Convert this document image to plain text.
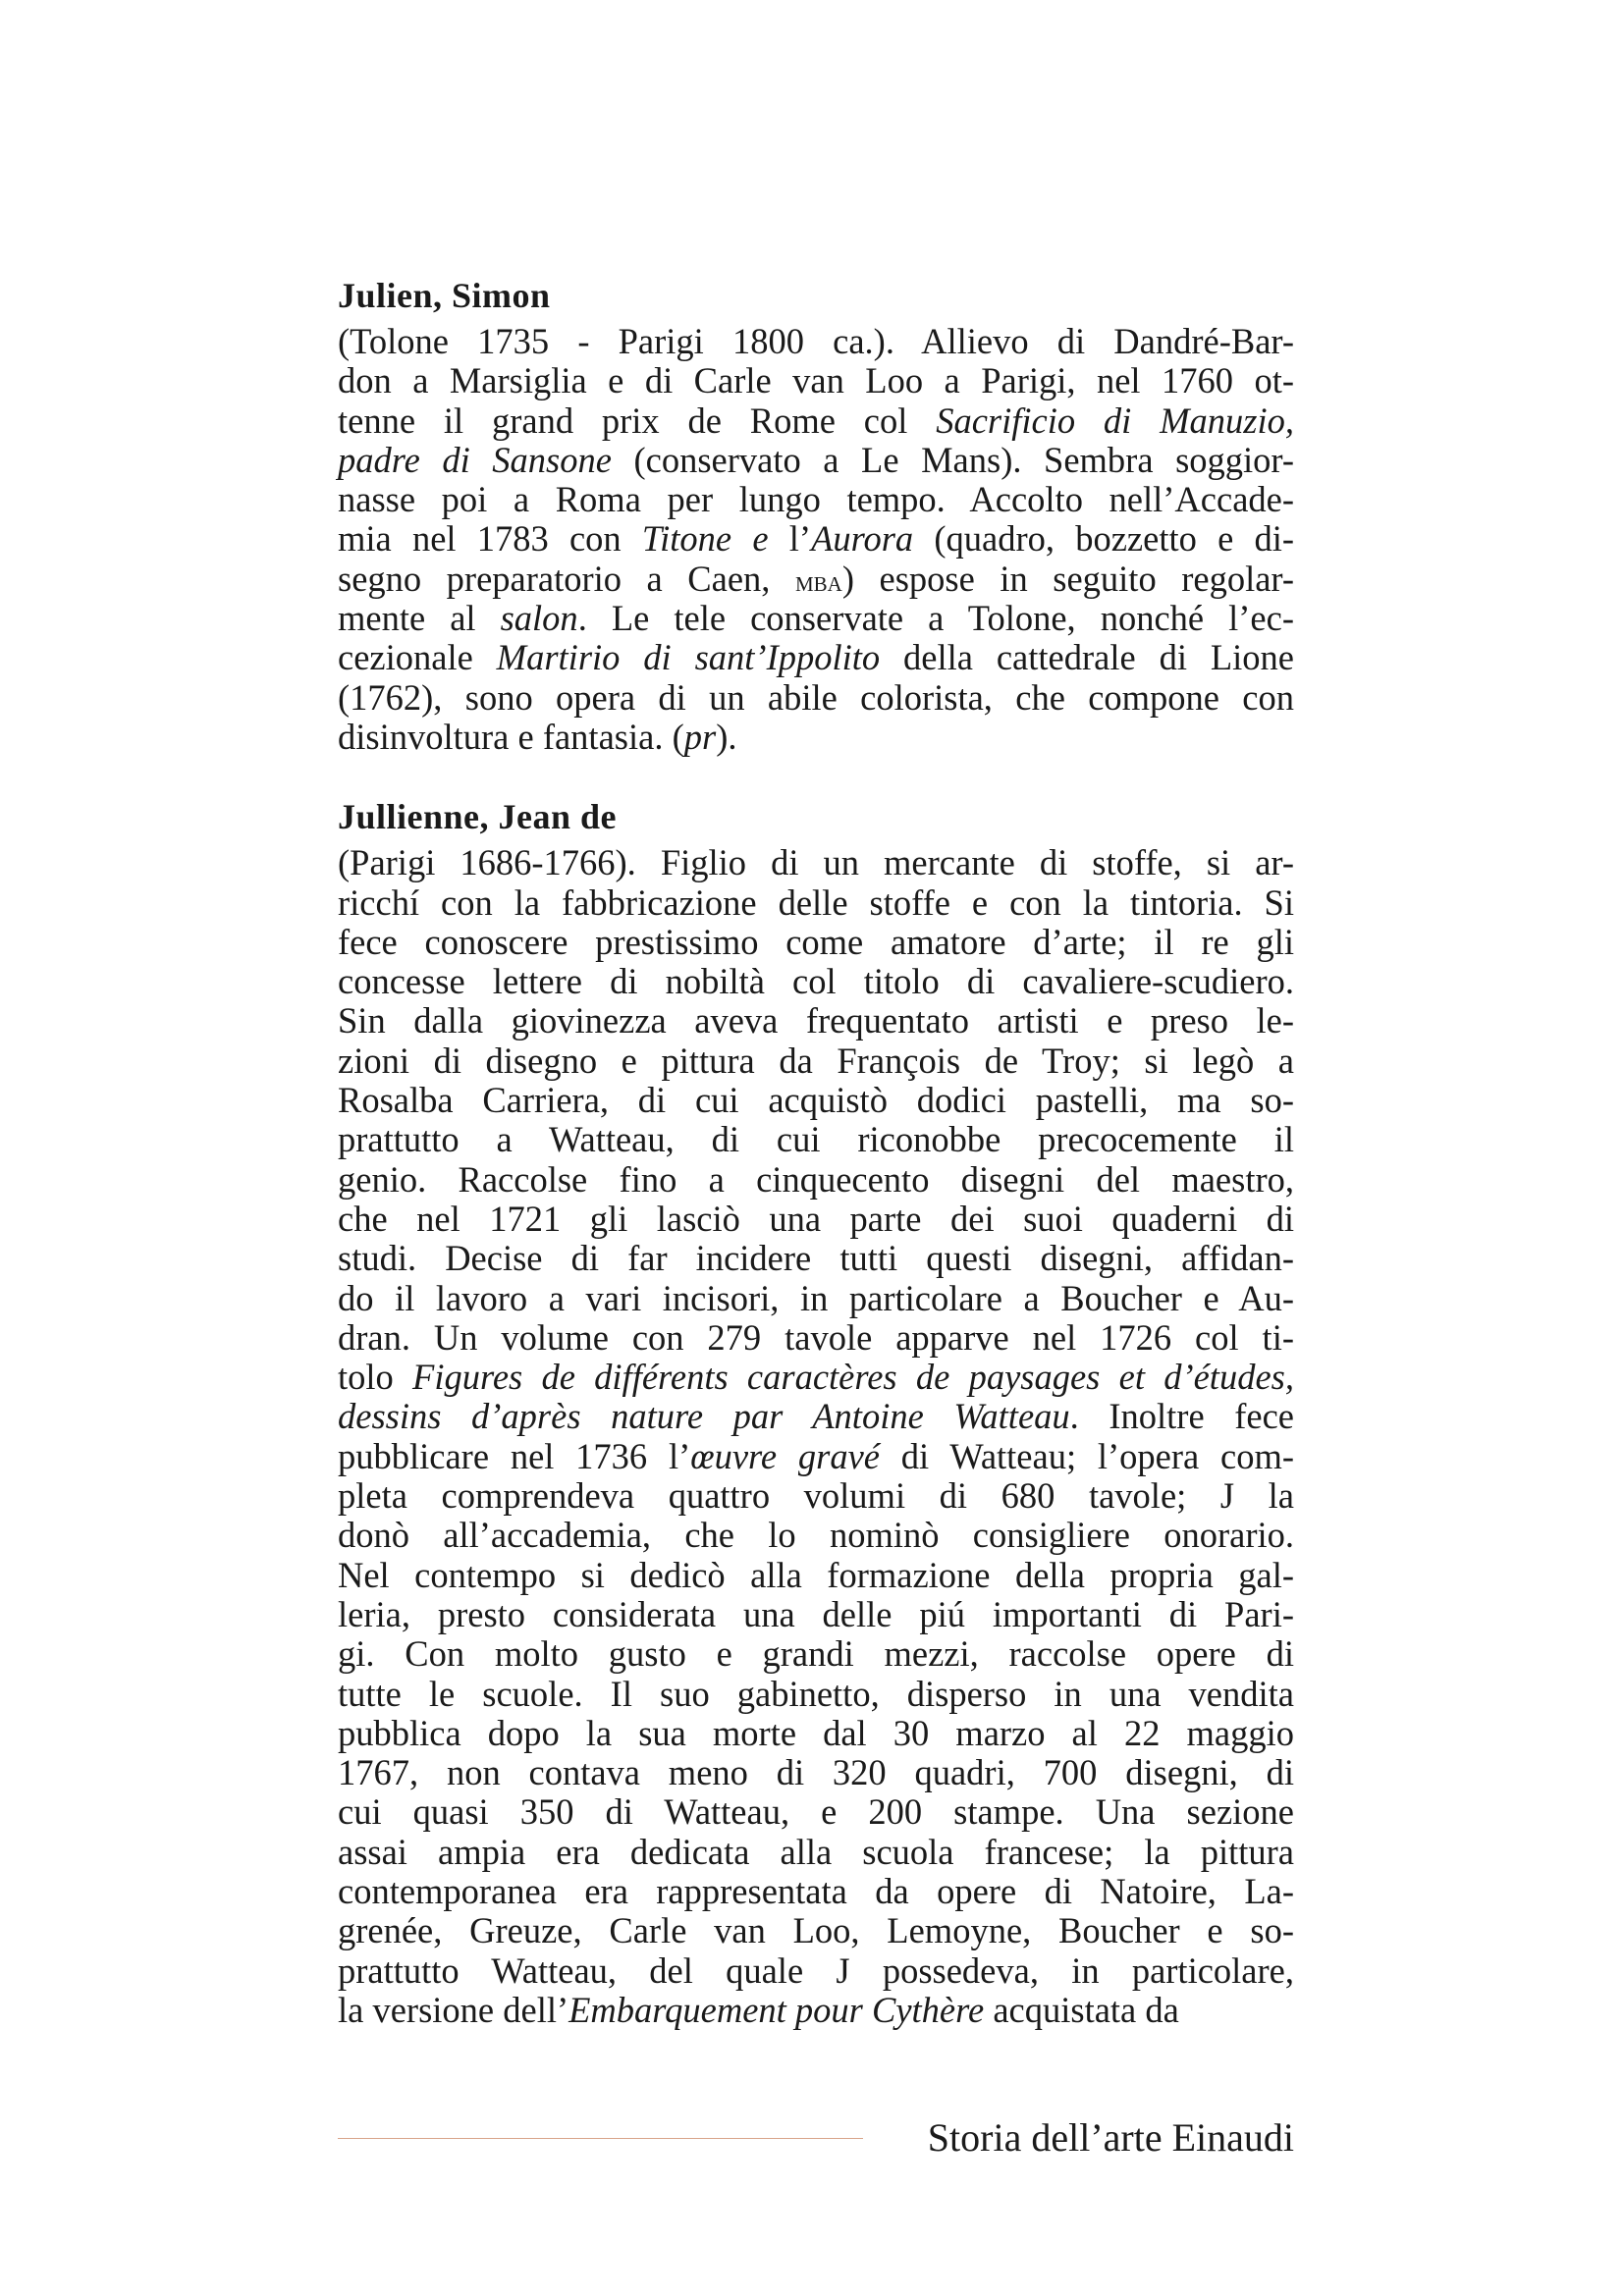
Julien, Simon
(Tolone 1735 - Parigi 1800 ca.). Allievo di Dandré-Bar-
don a Marsiglia e di Carle van Loo a Parigi, nel 1760 ot-
tenne il grand prix de Rome col Sacrificio di Manuzio,
padre di Sansone (conservato a Le Mans). Sembra soggior-
nasse poi a Roma per lungo tempo. Accolto nell’Accade-
mia nel 1783 con Titone e l’Aurora (quadro, bozzetto e di-
segno preparatorio a Caen, mba) espose in seguito regolar-
mente al salon. Le tele conservate a Tolone, nonché l’ec-
cezionale Martirio di sant’Ippolito della cattedrale di Lione
(1762), sono opera di un abile colorista, che compone con
disinvoltura e fantasia. (pr).
Jullienne, Jean de
(Parigi 1686-1766). Figlio di un mercante di stoffe, si ar-
ricchí con la fabbricazione delle stoffe e con la tintoria. Si
fece conoscere prestissimo come amatore d’arte; il re gli
concesse lettere di nobiltà col titolo di cavaliere-scudiero.
Sin dalla giovinezza aveva frequentato artisti e preso le-
zioni di disegno e pittura da François de Troy; si legò a
Rosalba Carriera, di cui acquistò dodici pastelli, ma so-
prattutto a Watteau, di cui riconobbe precocemente il
genio. Raccolse fino a cinquecento disegni del maestro,
che nel 1721 gli lasciò una parte dei suoi quaderni di
studi. Decise di far incidere tutti questi disegni, affidan-
do il lavoro a vari incisori, in particolare a Boucher e Au-
dran. Un volume con 279 tavole apparve nel 1726 col ti-
tolo Figures de différents caractères de paysages et d’études,
dessins d’après nature par Antoine Watteau. Inoltre fece
pubblicare nel 1736 l’œuvre gravé di Watteau; l’opera com-
pleta comprendeva quattro volumi di 680 tavole; J la
donò all’accademia, che lo nominò consigliere onorario.
Nel contempo si dedicò alla formazione della propria gal-
leria, presto considerata una delle piú importanti di Pari-
gi. Con molto gusto e grandi mezzi, raccolse opere di
tutte le scuole. Il suo gabinetto, disperso in una vendita
pubblica dopo la sua morte dal 30 marzo al 22 maggio
1767, non contava meno di 320 quadri, 700 disegni, di
cui quasi 350 di Watteau, e 200 stampe. Una sezione
assai ampia era dedicata alla scuola francese; la pittura
contemporanea era rappresentata da opere di Natoire, La-
grenée, Greuze, Carle van Loo, Lemoyne, Boucher e so-
prattutto Watteau, del quale J possedeva, in particolare,
la versione dell’Embarquement pour Cythère acquistata da
Storia dell’arte Einaudi
